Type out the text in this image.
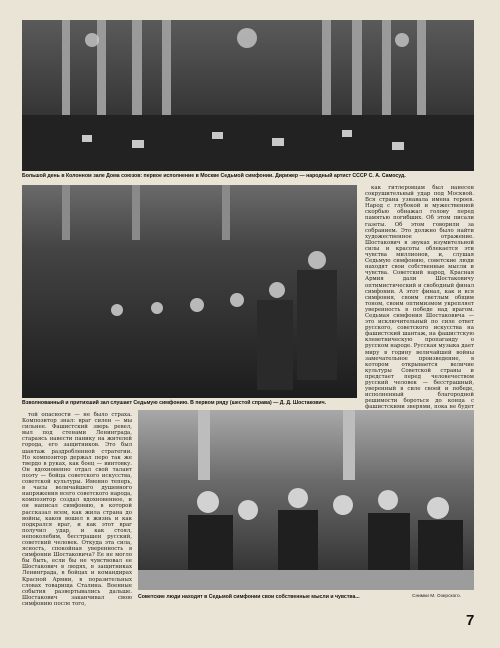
Большой день в Колонном зале Дома союзов: первое исполнение в Москве Седьмой симфонии. Дирижер — народный артист СССР С. А. Самосуд.
Взволнованный и притихший зал слушает Седьмую симфонию. В первом ряду (шестой справа) — Д. Д. Шостакович.

как гитлеровцам был нанесен сокрушительный удар под Москвой. Вся страна узнавала имена героев. Народ с глубокой и мужественной скорбью обнажал голову перед памятью погибших. Об этом писали газеты. Об этом говорили за собранием. Это должно было найти художественное отражение. Шостакович в звуках изумительной силы и красоты облекается эти чувства миллионов, и, слушая Седьмую симфонию, советские люди находят свои собственные мысли и чувства. Советский народ, Красная Армия дали Шостаковичу оптимистический и свободный финал симфонии. А этот финал, как и вся симфония, своим светлым общим тоном, своим оптимизмом укрепляет уверенность в победе над врагом. Седьмая симфония Шостаковича — это исключительный по силе ответ русского, советского искусства на фашистский шантаж, на фашистскую клеветническую пропаганду о русском народе. Русская музыка дает миру в годину величайшей войны замечательное произведение, в котором открывается величие культуры Советской страны и предстает перед человечеством русский человек — бесстрашный, уверенный в силе своей и победе, исполненный благородной решимости бороться до конца с фашистскими зверями, пока не будет

той опасности — не было страха. Композитор знал: враг силен — мы сильнее. Фашистский зверь ревел, выл под стенами Ленинграда, стараясь навести панику на жителей города, его защитников. Это был шантаж раздробленной стратегии. Но композитор держал перо так же твердо в руках, как боец — винтовку. Он вдохновенно отдал свой талант поэту — бойца советского искусства, советской культуры. Именно теперь, в часы величайшего душевного напряжения всего советского народа, композитор создал вдохновенное, и он написал симфонию, в которой рассказал всем, как жила страна до войны, каков вошел в жизнь и как подкрался враг, и как этот враг получил удар, и как стоял, непоколебим, бесстрашен русский, советский человек. Откуда эта сила, ясность, спокойная уверенность в симфонии Шостаковича? Ее не могло бы быть, если бы не чувствовал ее Шостакович в людях, в защитниках Ленинграда, в бойцах и командирах Красной Армии, в поразительных словах товарища Сталина. Военные события развертывались дальше. Шостакович заканчивал свою симфонию после того,

Советские люди находят в Седьмой симфонии свои собственные мысли и чувства...	Снимки М. Озерского.
7
